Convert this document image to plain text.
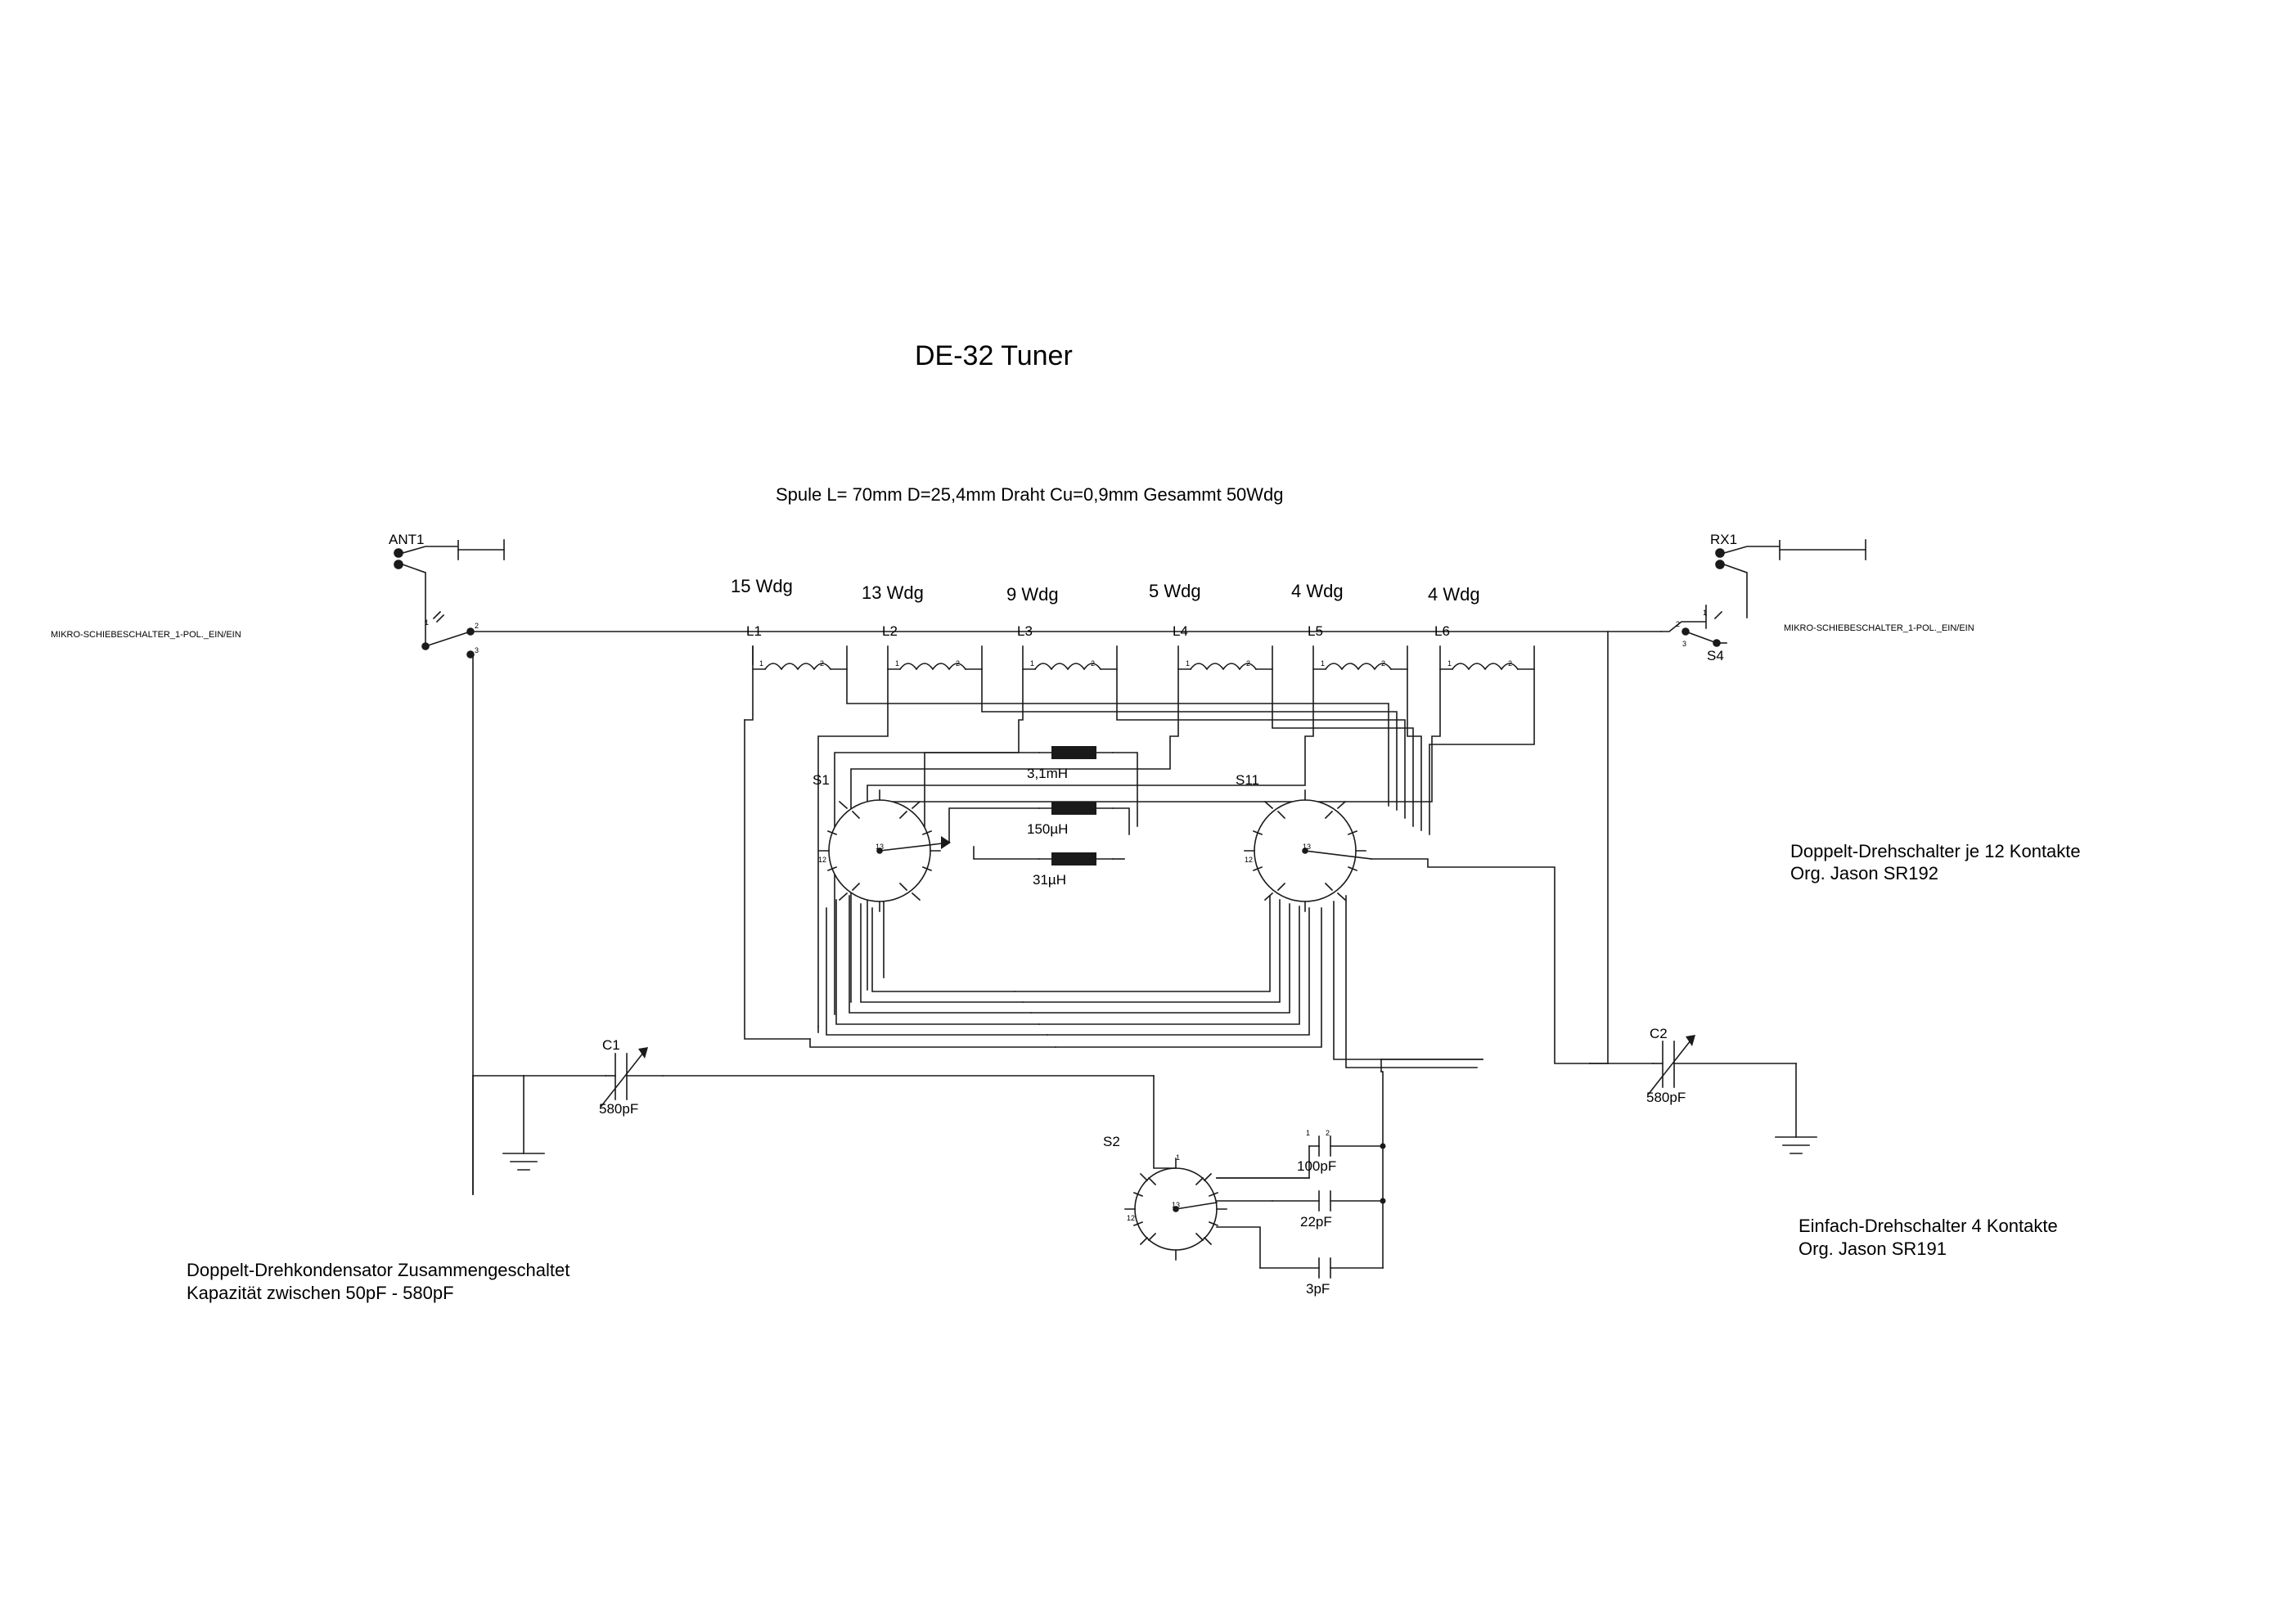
DE-32 Tuner
Spule L= 70mm D=25,4mm Draht Cu=0,9mm Gesammt 50Wdg
ANT1	RX1
MIKRO-SCHIEBESCHALTER_1-POL._EIN/EIN
MIKRO-SCHIEBESCHALTER_1-POL._EIN/EIN
S4
15 Wdg	13 Wdg	9 Wdg	5 Wdg	4 Wdg	4 Wdg
L1	L2	L3	L4	L5	L6
3,1mH
150µH
31µH
S1	S11
S2
13
12
13
12
13
12
1
1	2
3
1
2
3
1	2	1	2	1	2	1	2	1	2	1	2
C1
580pF
C2
580pF
100pF
22pF
3pF
2
1
Doppelt-Drehschalter je 12 Kontakte
Org. Jason SR192
Einfach-Drehschalter 4 Kontakte
Org. Jason SR191
Doppelt-Drehkondensator Zusammengeschaltet
Kapazität zwischen 50pF - 580pF
